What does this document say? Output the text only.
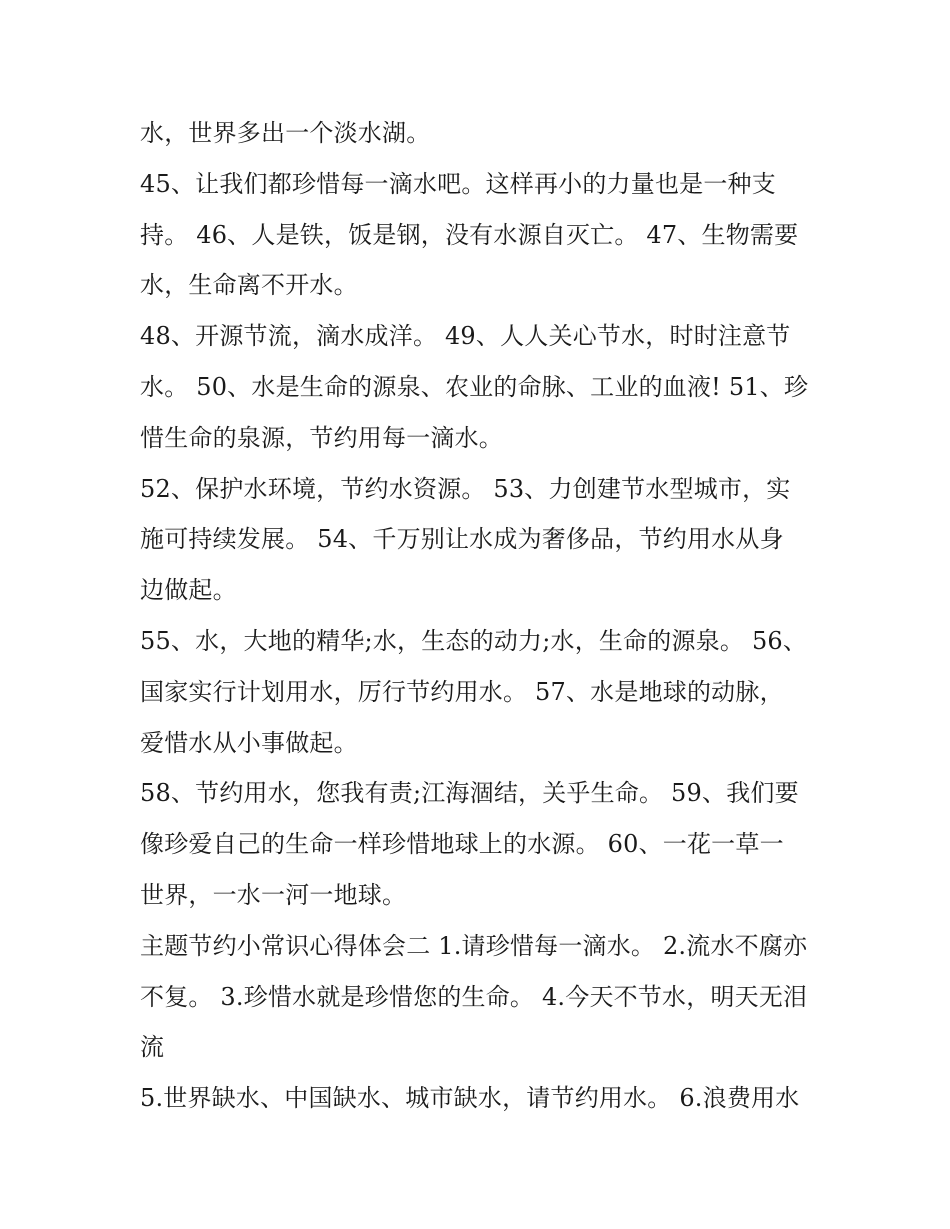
水，世界多出一个淡水湖。
45、让我们都珍惜每一滴水吧。这样再小的力量也是一种支
持。 46、人是铁，饭是钢，没有水源自灭亡。 47、生物需要
水，生命离不开水。
48、开源节流，滴水成洋。 49、人人关心节水，时时注意节
水。 50、水是生命的源泉、农业的命脉、工业的血液! 51、珍
惜生命的泉源，节约用每一滴水。
52、保护水环境，节约水资源。 53、力创建节水型城市，实
施可持续发展。 54、千万别让水成为奢侈品，节约用水从身
边做起。
55、水，大地的精华;水，生态的动力;水，生命的源泉。 56、
国家实行计划用水，厉行节约用水。 57、水是地球的动脉，
爱惜水从小事做起。
58、节约用水，您我有责;江海涸结，关乎生命。 59、我们要
像珍爱自己的生命一样珍惜地球上的水源。 60、一花一草一
世界，一水一河一地球。
主题节约小常识心得体会二 1.请珍惜每一滴水。 2.流水不腐亦
不复。 3.珍惜水就是珍惜您的生命。 4.今天不节水，明天无泪
流
5.世界缺水、中国缺水、城市缺水，请节约用水。 6.浪费用水
